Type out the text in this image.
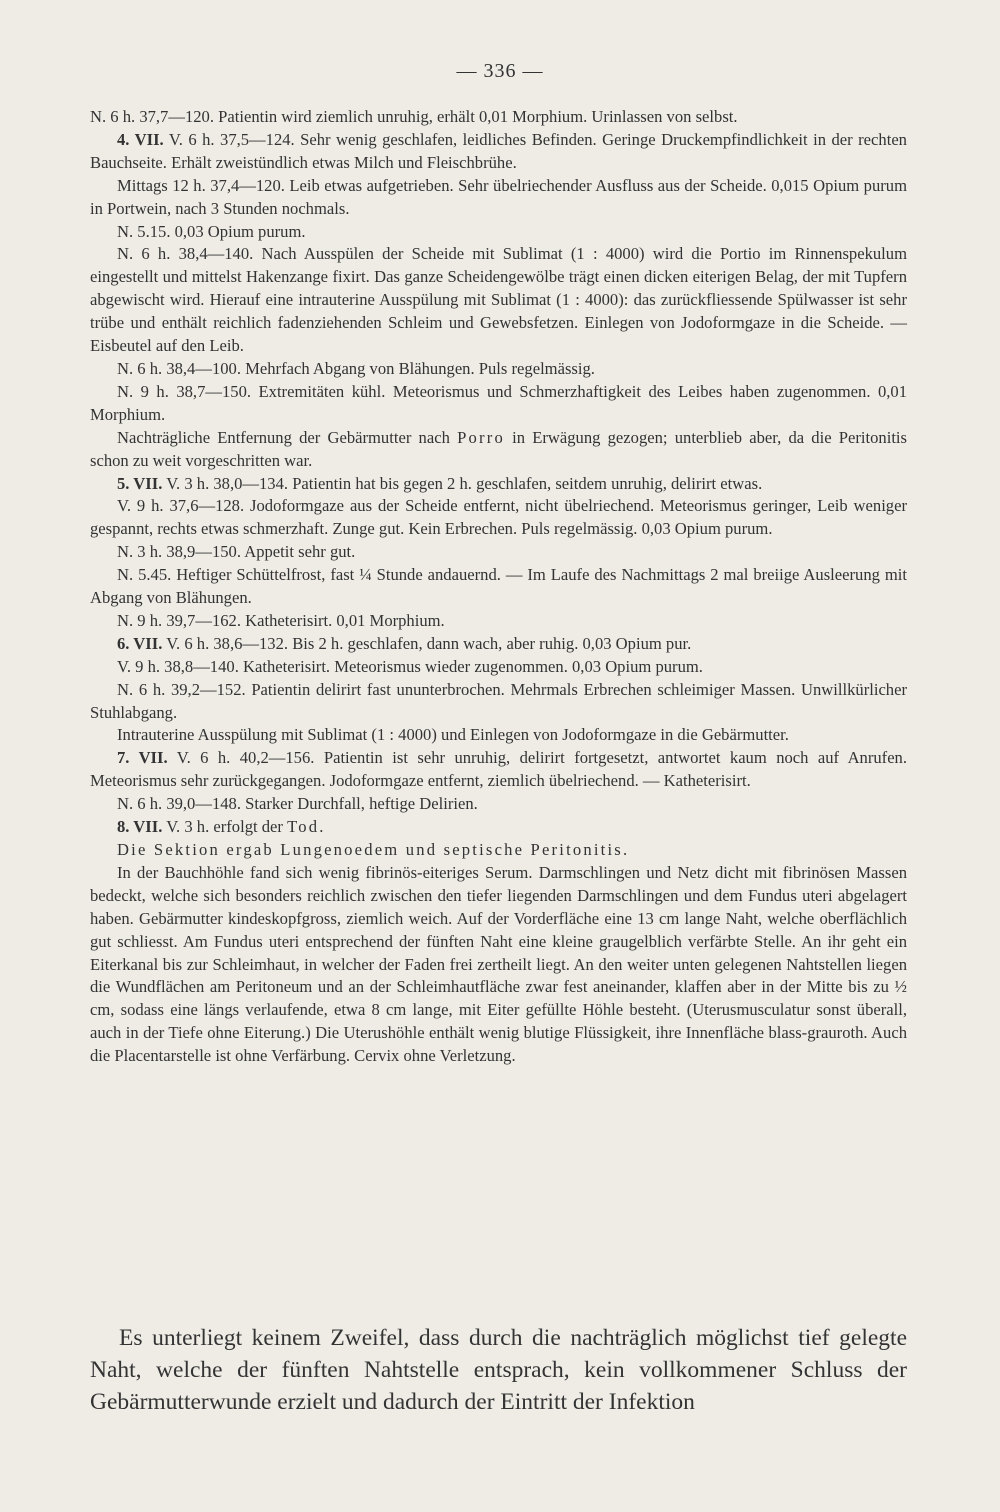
— 336 —

N. 6 h. 37,7—120. Patientin wird ziemlich unruhig, erhält 0,01 Morphium. Urinlassen von selbst.

4. VII. V. 6 h. 37,5—124. Sehr wenig geschlafen, leidliches Befinden. Geringe Druckempfindlichkeit in der rechten Bauchseite. Erhält zweistündlich etwas Milch und Fleischbrühe.

Mittags 12 h. 37,4—120. Leib etwas aufgetrieben. Sehr übelriechender Ausfluss aus der Scheide. 0,015 Opium purum in Portwein, nach 3 Stunden nochmals.

N. 5.15. 0,03 Opium purum.

N. 6 h. 38,4—140. Nach Ausspülen der Scheide mit Sublimat (1 : 4000) wird die Portio im Rinnenspekulum eingestellt und mittelst Hakenzange fixirt. Das ganze Scheidengewölbe trägt einen dicken eiterigen Belag, der mit Tupfern abgewischt wird. Hierauf eine intrauterine Ausspülung mit Sublimat (1 : 4000): das zurückfliessende Spülwasser ist sehr trübe und enthält reichlich fadenziehenden Schleim und Gewebsfetzen. Einlegen von Jodoformgaze in die Scheide. — Eisbeutel auf den Leib.

N. 6 h. 38,4—100. Mehrfach Abgang von Blähungen. Puls regelmässig.

N. 9 h. 38,7—150. Extremitäten kühl. Meteorismus und Schmerzhaftigkeit des Leibes haben zugenommen. 0,01 Morphium.

Nachträgliche Entfernung der Gebärmutter nach Porro in Erwägung gezogen; unterblieb aber, da die Peritonitis schon zu weit vorgeschritten war.

5. VII. V. 3 h. 38,0—134. Patientin hat bis gegen 2 h. geschlafen, seitdem unruhig, delirirt etwas.

V. 9 h. 37,6—128. Jodoformgaze aus der Scheide entfernt, nicht übelriechend. Meteorismus geringer, Leib weniger gespannt, rechts etwas schmerzhaft. Zunge gut. Kein Erbrechen. Puls regelmässig. 0,03 Opium purum.

N. 3 h. 38,9—150. Appetit sehr gut.

N. 5.45. Heftiger Schüttelfrost, fast ¼ Stunde andauernd. — Im Laufe des Nachmittags 2 mal breiige Ausleerung mit Abgang von Blähungen.

N. 9 h. 39,7—162. Katheterisirt. 0,01 Morphium.

6. VII. V. 6 h. 38,6—132. Bis 2 h. geschlafen, dann wach, aber ruhig. 0,03 Opium pur.

V. 9 h. 38,8—140. Katheterisirt. Meteorismus wieder zugenommen. 0,03 Opium purum.

N. 6 h. 39,2—152. Patientin delirirt fast ununterbrochen. Mehrmals Erbrechen schleimiger Massen. Unwillkürlicher Stuhlabgang.

Intrauterine Ausspülung mit Sublimat (1 : 4000) und Einlegen von Jodoformgaze in die Gebärmutter.

7. VII. V. 6 h. 40,2—156. Patientin ist sehr unruhig, delirirt fortgesetzt, antwortet kaum noch auf Anrufen. Meteorismus sehr zurückgegangen. Jodoformgaze entfernt, ziemlich übelriechend. — Katheterisirt.

N. 6 h. 39,0—148. Starker Durchfall, heftige Delirien.

8. VII. V. 3 h. erfolgt der Tod.

Die Sektion ergab Lungenoedem und septische Peritonitis.

In der Bauchhöhle fand sich wenig fibrinös-eiteriges Serum. Darmschlingen und Netz dicht mit fibrinösen Massen bedeckt, welche sich besonders reichlich zwischen den tiefer liegenden Darmschlingen und dem Fundus uteri abgelagert haben. Gebärmutter kindeskopfgross, ziemlich weich. Auf der Vorderfläche eine 13 cm lange Naht, welche oberflächlich gut schliesst. Am Fundus uteri entsprechend der fünften Naht eine kleine graugelblich verfärbte Stelle. An ihr geht ein Eiterkanal bis zur Schleimhaut, in welcher der Faden frei zertheilt liegt. An den weiter unten gelegenen Nahtstellen liegen die Wundflächen am Peritoneum und an der Schleimhautfläche zwar fest aneinander, klaffen aber in der Mitte bis zu ½ cm, sodass eine längs verlaufende, etwa 8 cm lange, mit Eiter gefüllte Höhle besteht. (Uterusmusculatur sonst überall, auch in der Tiefe ohne Eiterung.) Die Uterushöhle enthält wenig blutige Flüssigkeit, ihre Innenfläche blass-grauroth. Auch die Placentarstelle ist ohne Verfärbung. Cervix ohne Verletzung.

Es unterliegt keinem Zweifel, dass durch die nachträglich möglichst tief gelegte Naht, welche der fünften Nahtstelle entsprach, kein vollkommener Schluss der Gebärmutterwunde erzielt und dadurch der Eintritt der Infektion
